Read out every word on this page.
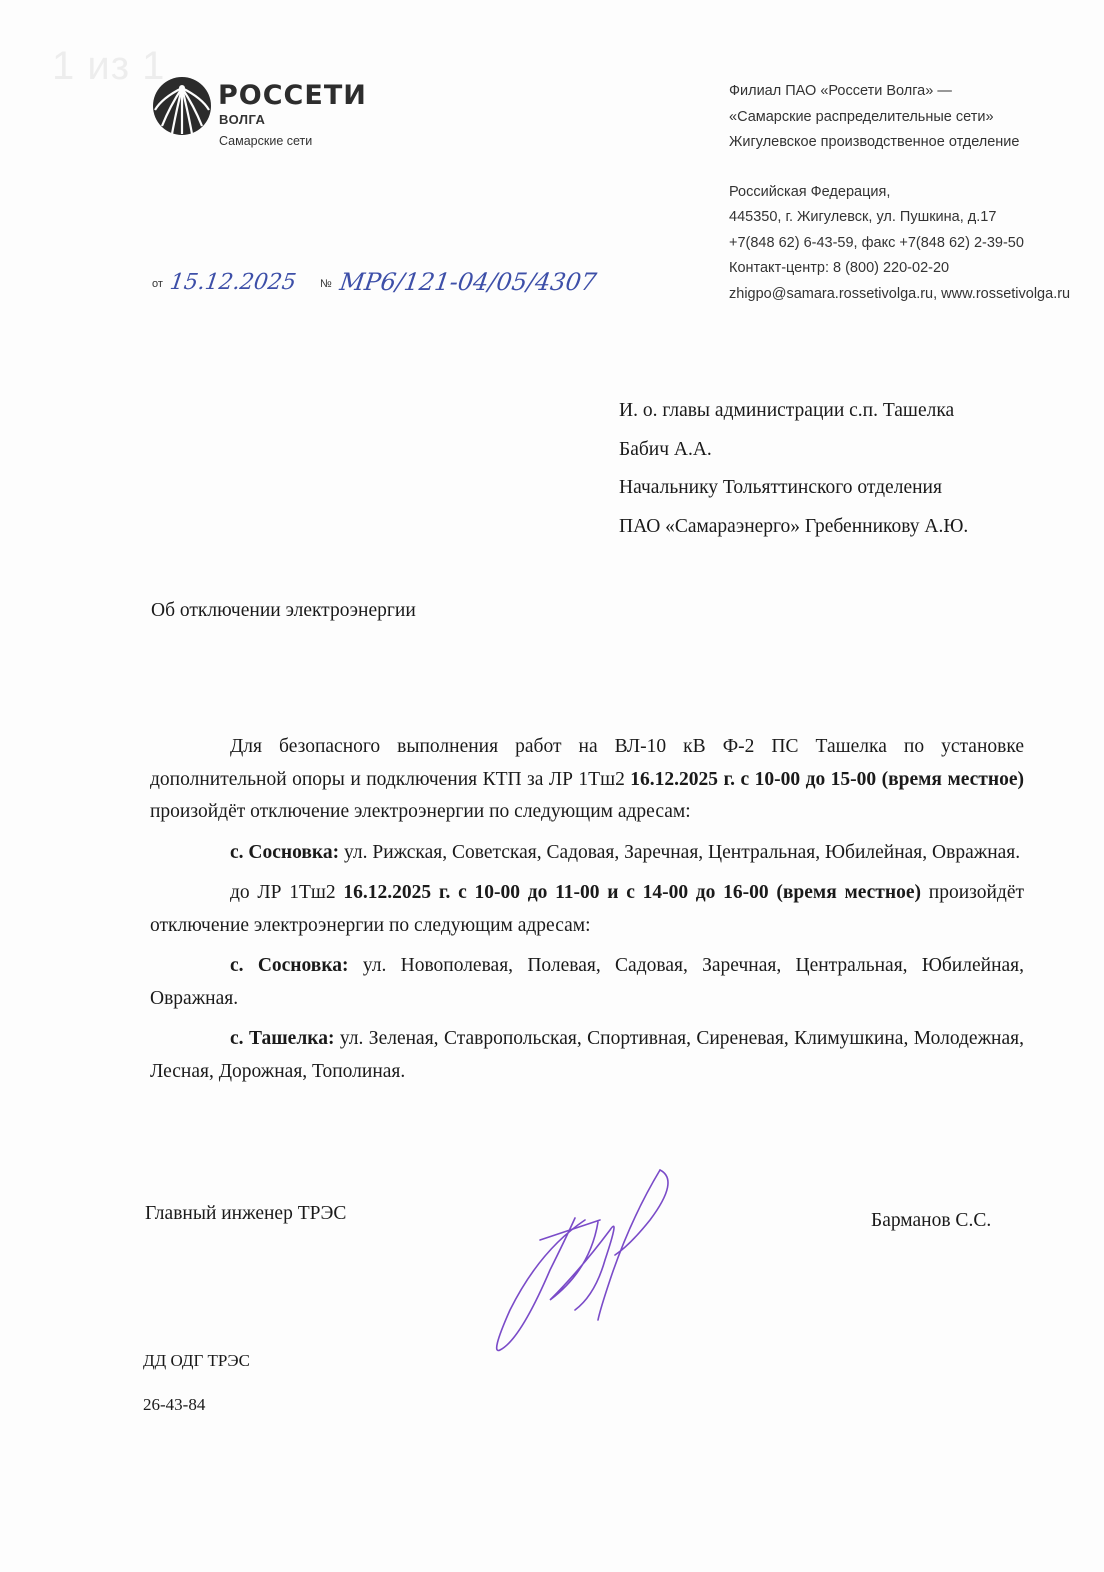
1 из 1
РОССЕТИ
ВОЛГА
Самарские сети
Филиал ПАО «Россети Волга» —
«Самарские распределительные сети»
Жигулевское производственное отделение
Российская Федерация,
445350, г. Жигулевск, ул. Пушкина, д.17
+7(848 62) 6-43-59, факс +7(848 62) 2-39-50
Контакт-центр: 8 (800) 220-02-20
zhigpo@samara.rossetivolga.ru, www.rossetivolga.ru
от 15.12.2025 № МР6/121-04/05/4307
И. о. главы администрации с.п. Ташелка
Бабич А.А.
Начальнику Тольяттинского отделения
ПАО «Самараэнерго» Гребенникову А.Ю.
Об отключении электроэнергии

Для безопасного выполнения работ на ВЛ-10 кВ Ф-2 ПС Ташелка по установке дополнительной опоры и подключения КТП за ЛР 1Тш2 16.12.2025 г. с 10-00 до 15-00 (время местное) произойдёт отключение электроэнергии по следующим адресам:

с. Сосновка: ул. Рижская, Советская, Садовая, Заречная, Центральная, Юбилейная, Овражная.

до ЛР 1Тш2 16.12.2025 г. с 10-00 до 11-00 и с 14-00 до 16-00 (время местное) произойдёт отключение электроэнергии по следующим адресам:

с. Сосновка: ул. Новополевая, Полевая, Садовая, Заречная, Центральная, Юбилейная, Овражная.

с. Ташелка: ул. Зеленая, Ставропольская, Спортивная, Сиреневая, Климушкина, Молодежная, Лесная, Дорожная, Тополиная.

Главный инженер ТРЭС	Барманов С.С.
ДД ОДГ ТРЭС
26-43-84
